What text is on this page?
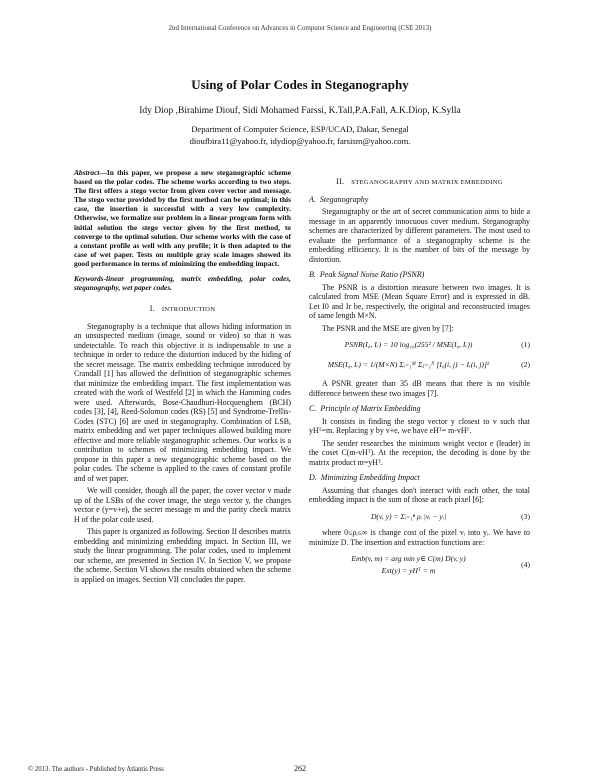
2nd International Conference on Advances in Computer Science and Engineering (CSE 2013)
Using of Polar Codes in Steganography
Idy Diop ,Birahime Diouf, Sidi Mohamed Farssi, K.Tall,P.A.Fall, A.K.Diop, K.Sylla
Department of Computer Science, ESP/UCAD, Dakar, Senegal
dioufbira11@yahoo.fr, idydiop@yahoo.fr, farsism@yahoo.com.
Abstract—In this paper, we propose a new steganographic scheme based on the polar codes. The scheme works according to two steps. The first offers a stego vector from given cover vector and message. The stego vector provided by the first method can be optimal; in this case, the insertion is successful with a very low complexity. Otherwise, we formalize our problem in a linear program form with initial solution the stego vector given by the first method, to converge to the optimal solution. Our scheme works with the case of a constant profile as well with any profile; it is then adapted to the case of wet paper. Tests on multiple gray scale images showed its good performance in terms of minimizing the embedding impact.
Keywords-linear programming, matrix embedding, polar codes, steganography, wet paper codes.
I. INTRODUCTION

Steganography is a technique that allows hiding information in an unsuspected medium (image, sound or video) so that it was undetectable. To reach this objective it is indispensable to use a technique in order to reduce the distortion induced by the hiding of the secret message. The matrix embedding technique introduced by Crandall [1] has allowed the definition of steganographic schemes that minimize the embedding impact. The first implementation was created with the work of Westfeld [2] in which the Hamming codes were used. Afterwards, Bose-Chaudhuri-Hocquenghem (BCH) codes [3], [4], Reed-Solomon codes (RS) [5] and Syndrome-Trellis-Codes (STC) [6] are used in steganography. Combination of LSB, matrix embedding and wet paper techniques allowed building more effective and more reliable steganographic schemes. Our works is a contribution to schemes of minimizing embedding impact. We propose in this paper a new steganographic scheme based on the polar codes. The scheme is applied to the cases of constant profile and of wet paper.

We will consider, though all the paper, the cover vector v made up of the LSBs of the cover image, the stego vector y, the changes vector e (y=v+e), the secret message m and the parity check matrix H of the polar code used.

This paper is organized as following. Section II describes matrix embedding and minimizing embedding impact. In Section III, we study the linear programming. The polar codes, used to implement our scheme, are presented in Section IV. In Section V, we propose the scheme. Section VI shows the results obtained when the scheme is applied on images. Section VII concludes the paper.

II. STEGANOGRAPHY AND MATRIX EMBEDDING
A. Steganography

Steganography or the art of secret communication aims to hide a message in an apparently innocuous cover medium. Steganography schemes are characterized by different parameters. The most used to evaluate the performance of a steganography scheme is the embedding efficiency. It is the number of bits of the message by distortion.

B. Peak Signal Noise Ratio (PSNR)

The PSNR is a distortion measure between two images. It is calculated from MSE (Mean Square Error) and is expressed in dB. Let I0 and Ir be, respectively, the original and reconstructed images of same length M×N.

The PSNR and the MSE are given by [7]:

PSNR(I₀, Iᵣ) = 10 log₁₀(255² / MSE(I₀, Iᵣ))	(1)
MSE(I₀, Iᵣ) = 1/(M×N) Σᵢ₌₁ᴹ Σⱼ₌₁ᴺ [I₀(i, j) − Iᵣ(i, j)]²	(2)

A PSNR greater than 35 dB means that there is no visible difference between these two images [7].

C. Principle of Matrix Embedding

It consists in finding the stego vector y closest to v such that yHᵀ=m. Replacing y by v+e, we have eHᵀ= m-vHᵀ.

The sender researches the minimum weight vector e (leader) in the coset C(m-vHᵀ). At the reception, the decoding is done by the matrix product m=yHᵀ.

D. Minimizing Embedding Impact

Assuming that changes don't interact with each other, the total embedding impact is the sum of those at each pixel [6]:

D(v, y) = Σᵢ₌₁ⁿ ρᵢ |vᵢ − yᵢ|	(3)

where 0≤ρᵢ≤∞ is change cost of the pixel vᵢ into yᵢ. We have to minimize D. The insertion and extraction functions are:

Emb(v, m) = arg min y∈ C(m) D(v, y)
Ext(y) = yHᵀ = m
(4)
© 2013. The authors - Published by Atlantis Press	262
